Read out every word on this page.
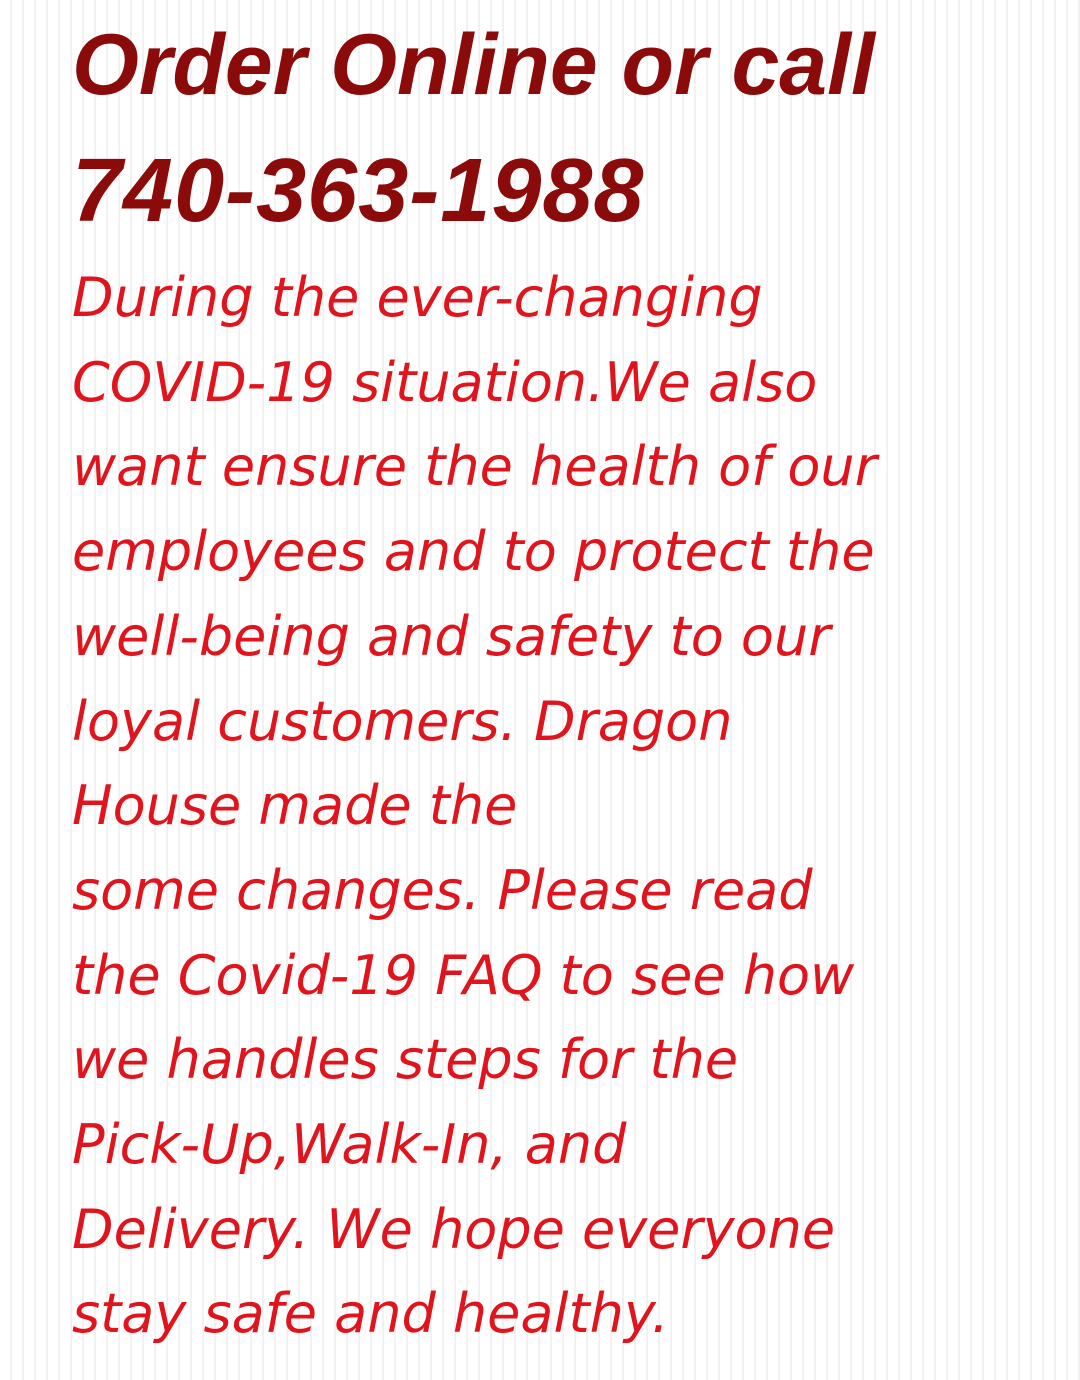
Order Online or call
740-363-1988
During the ever-changing
COVID-19 situation.We also
want ensure the health of our
employees and to protect the
well-being and safety to our
loyal customers. Dragon
House made the
some changes. Please read
the Covid-19 FAQ to see how
we handles steps for the
Pick-Up,Walk-In, and
Delivery. We hope everyone
stay safe and healthy.
